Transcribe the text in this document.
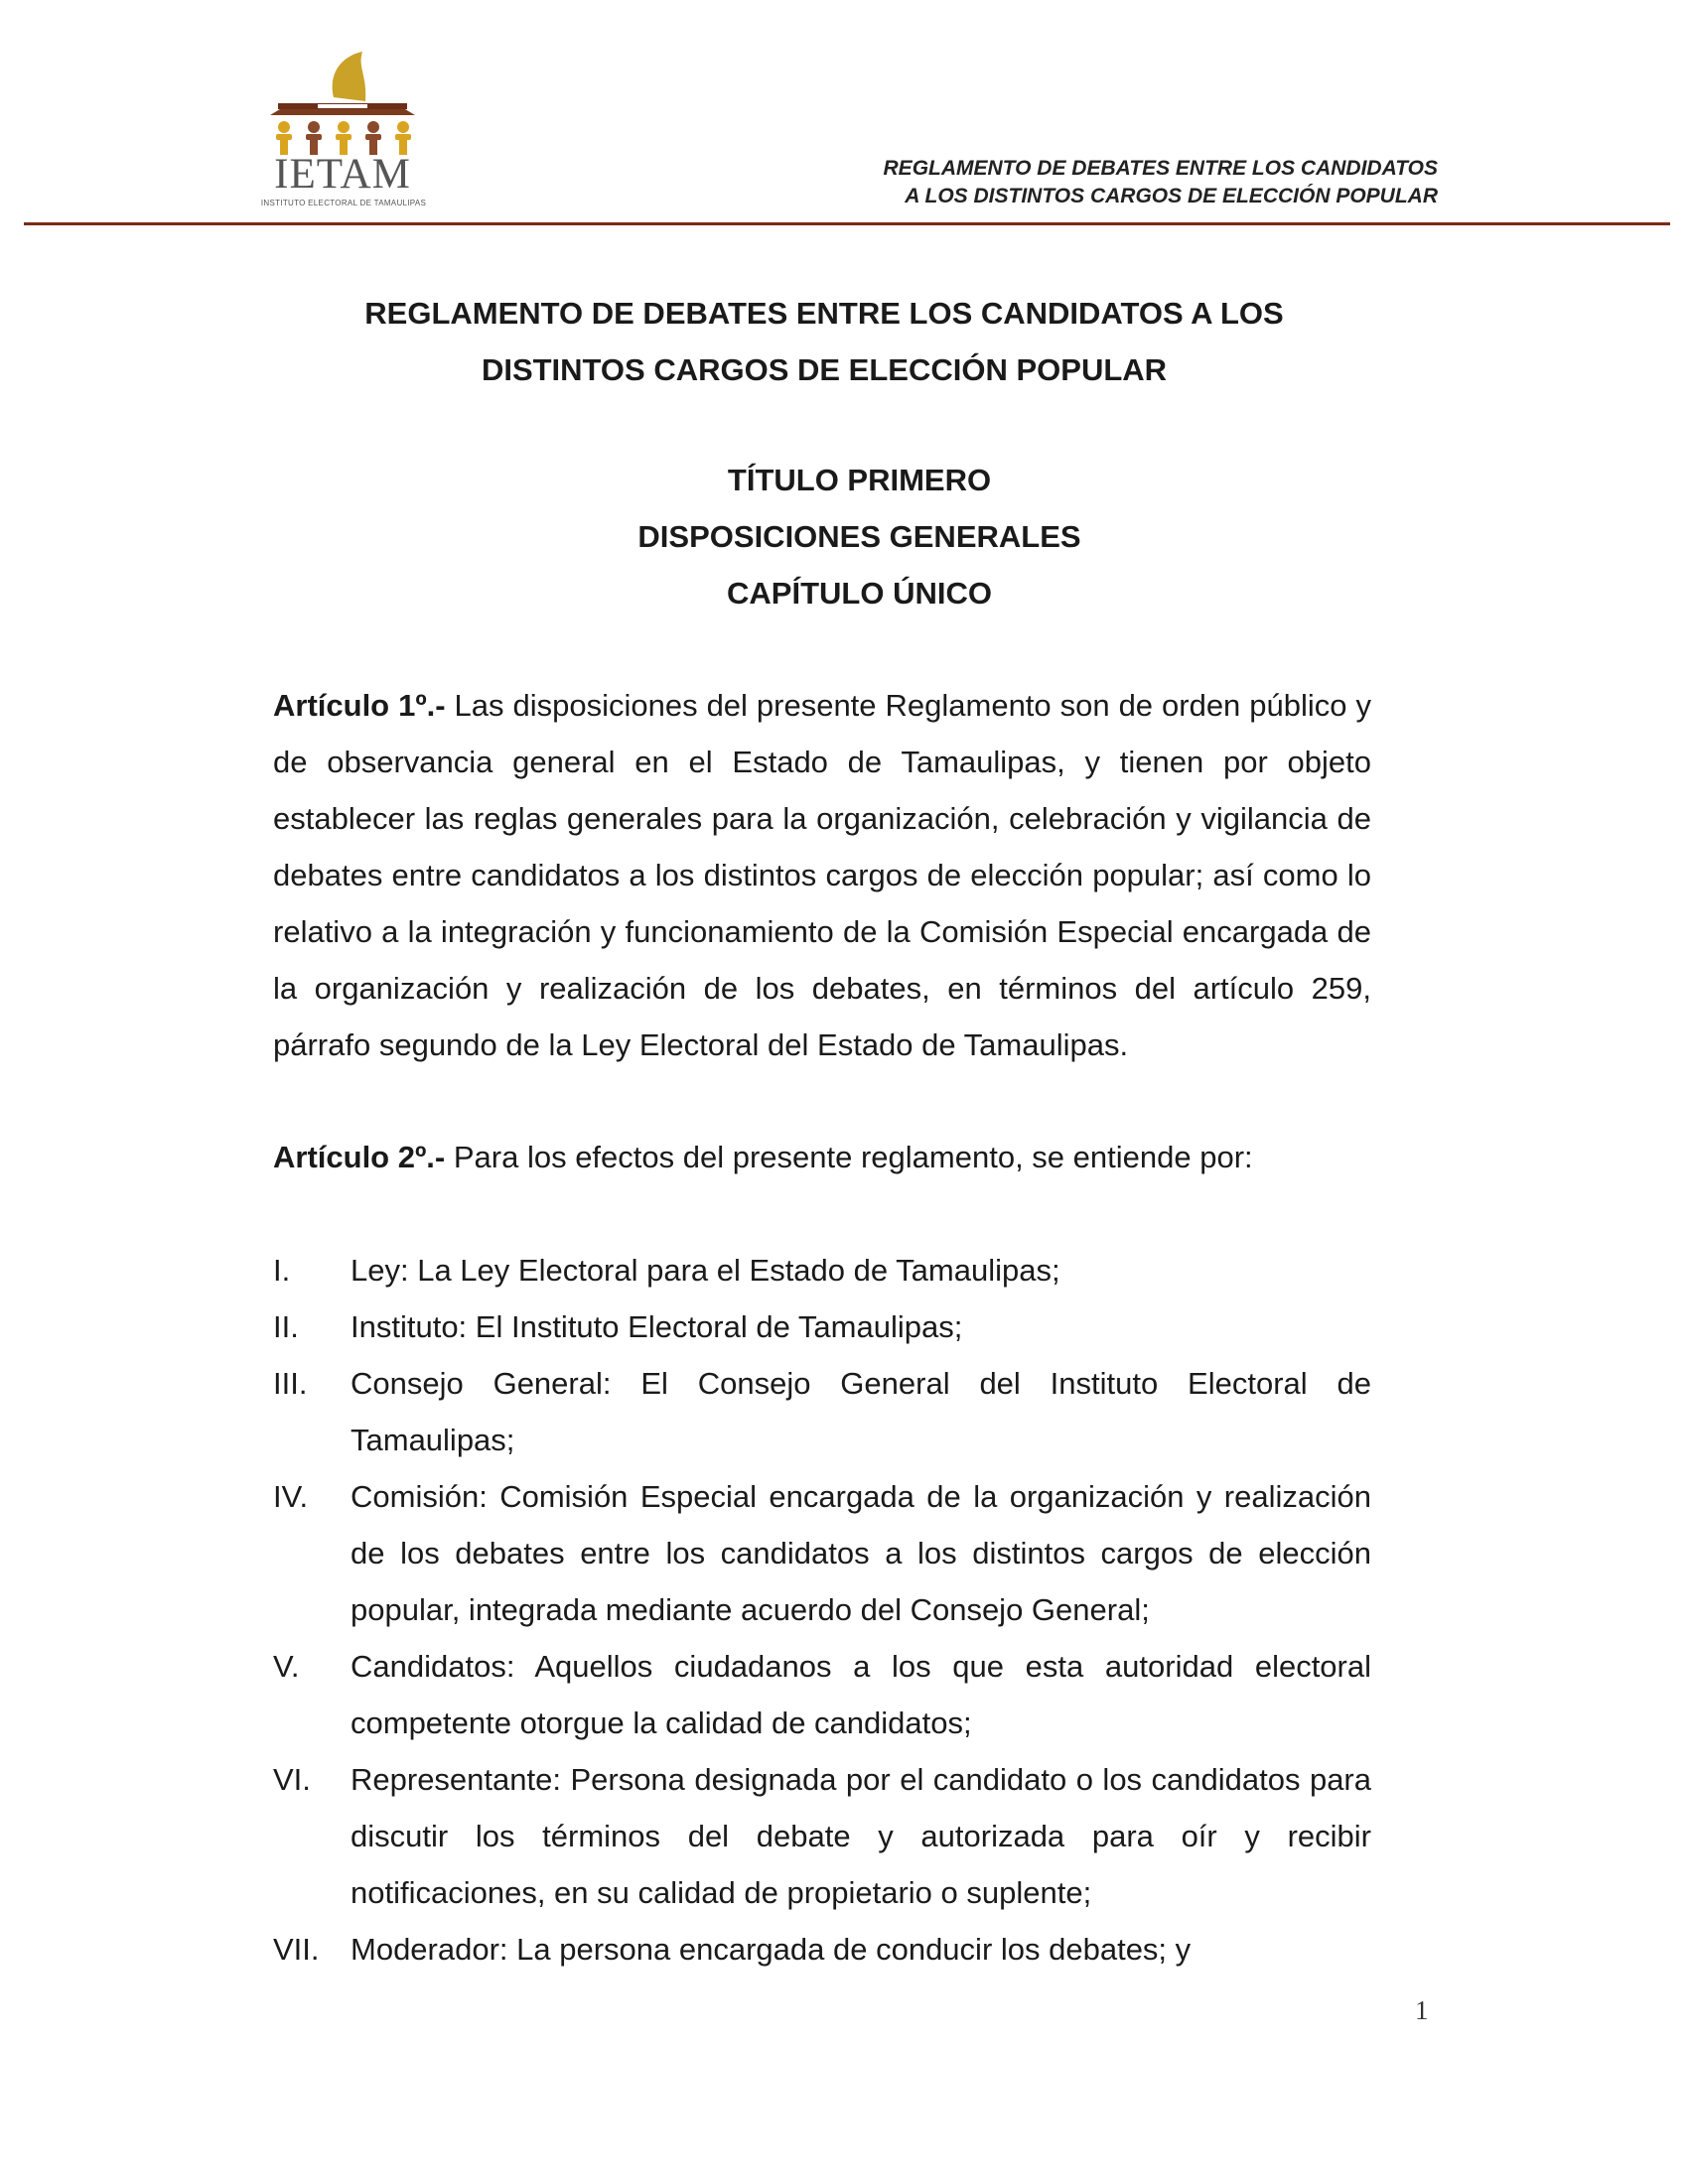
IETAM
INSTITUTO ELECTORAL DE TAMAULIPAS
REGLAMENTO DE DEBATES ENTRE LOS CANDIDATOS
A LOS DISTINTOS CARGOS DE ELECCIÓN POPULAR
REGLAMENTO DE DEBATES ENTRE LOS CANDIDATOS A LOS
DISTINTOS CARGOS DE ELECCIÓN POPULAR
TÍTULO PRIMERO
DISPOSICIONES GENERALES
CAPÍTULO ÚNICO

Artículo 1º.- Las disposiciones del presente Reglamento son de orden público y de observancia general en el Estado de Tamaulipas, y tienen por objeto establecer las reglas generales para la organización, celebración y vigilancia de debates entre candidatos a los distintos cargos de elección popular; así como lo relativo a la integración y funcionamiento de la Comisión Especial encargada de la organización y realización de los debates, en términos del artículo 259, párrafo segundo de la Ley Electoral del Estado de Tamaulipas.

Artículo 2º.- Para los efectos del presente reglamento, se entiende por:

I.	Ley: La Ley Electoral para el Estado de Tamaulipas;
II.	Instituto: El Instituto Electoral de Tamaulipas;
III.	Consejo General: El Consejo General del Instituto Electoral de Tamaulipas;
IV.	Comisión: Comisión Especial encargada de la organización y realización de los debates entre los candidatos a los distintos cargos de elección popular, integrada mediante acuerdo del Consejo General;
V.	Candidatos: Aquellos ciudadanos a los que esta autoridad electoral competente otorgue la calidad de candidatos;
VI.	Representante: Persona designada por el candidato o los candidatos para discutir los términos del debate y autorizada para oír y recibir notificaciones, en su calidad de propietario o suplente;
VII.	Moderador: La persona encargada de conducir los debates; y
1
